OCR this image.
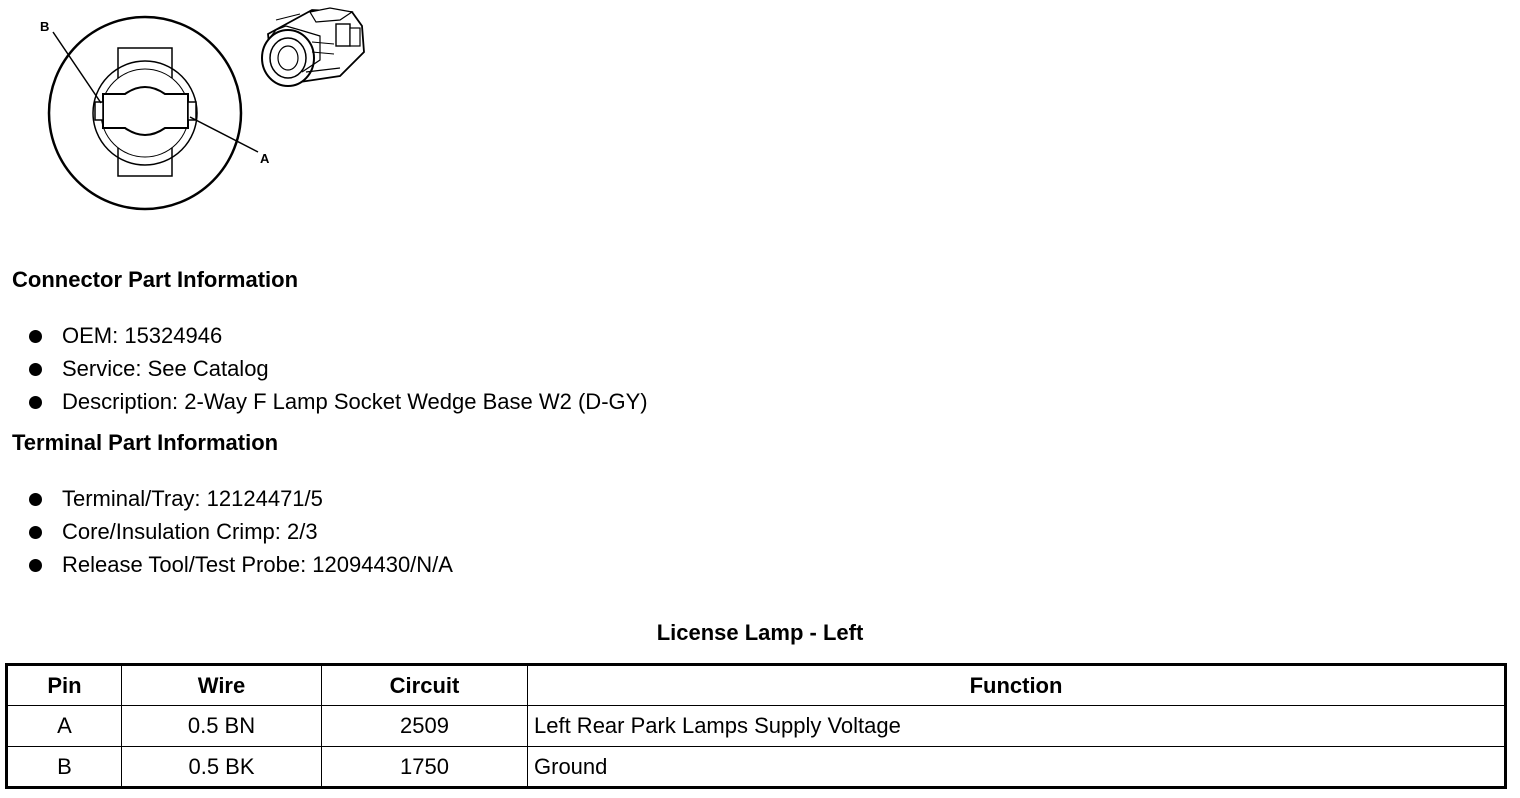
B
A
Connector Part Information
OEM: 15324946
Service: See Catalog
Description: 2-Way F Lamp Socket Wedge Base W2 (D-GY)
Terminal Part Information
Terminal/Tray: 12124471/5
Core/Insulation Crimp: 2/3
Release Tool/Test Probe: 12094430/N/A
License Lamp - Left
Pin	Wire	Circuit	Function
A	0.5 BN	2509	Left Rear Park Lamps Supply Voltage
B	0.5 BK	1750	Ground
